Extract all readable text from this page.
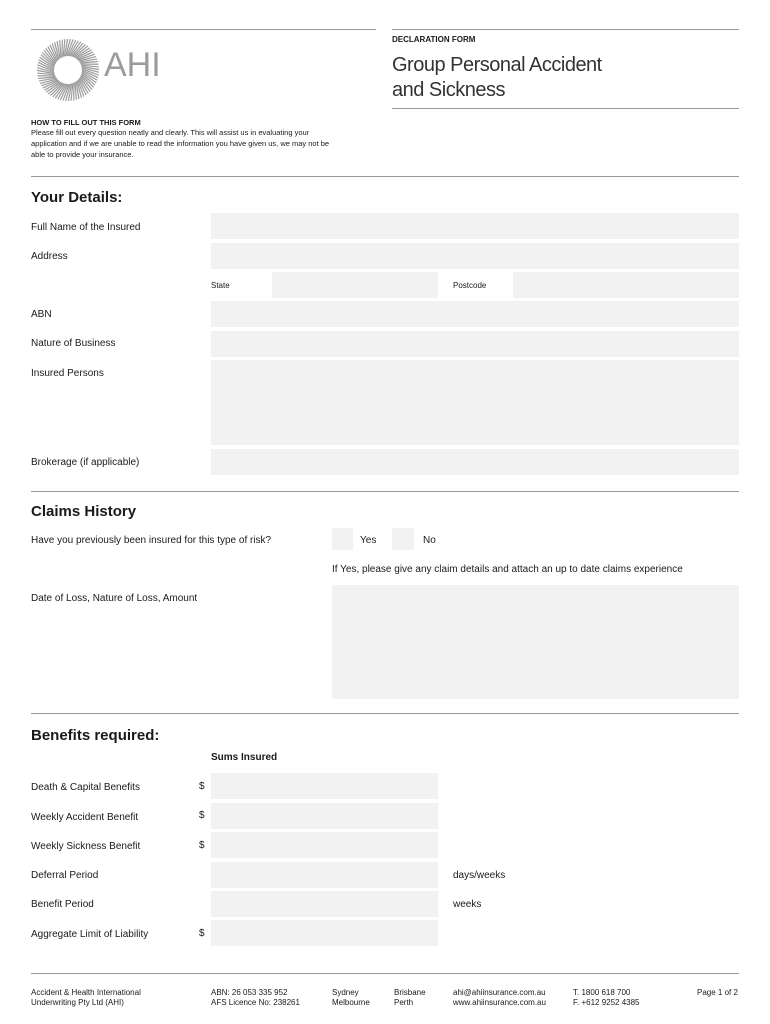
AHI
DECLARATION FORM
Group Personal Accident
and Sickness
HOW TO FILL OUT THIS FORM
Please fill out every question neatly and clearly. This will assist us in evaluating your
application and if we are unable to read the information you have given us, we may not be
able to provide your insurance.
Your Details:
Full Name of the Insured
Address
State	Postcode
ABN
Nature of Business
Insured Persons
Brokerage (if applicable)
Claims History
Have you previously been insured for this type of risk?	Yes	No
If Yes, please give any claim details and attach an up to date claims experience
Date of Loss, Nature of Loss, Amount
Benefits required:
Sums Insured
Death & Capital Benefits	$
Weekly Accident Benefit	$
Weekly Sickness Benefit	$
Deferral Period	days/weeks
Benefit Period	weeks
Aggregate Limit of Liability	$
Accident & Health International
Underwriting Pty Ltd (AHI)
ABN: 26 053 335 952
AFS Licence No: 238261
Sydney
Melbourne
Brisbane
Perth
ahi@ahiinsurance.com.au
www.ahiinsurance.com.au
T. 1800 618 700
F. +612 9252 4385
Page 1 of 2
